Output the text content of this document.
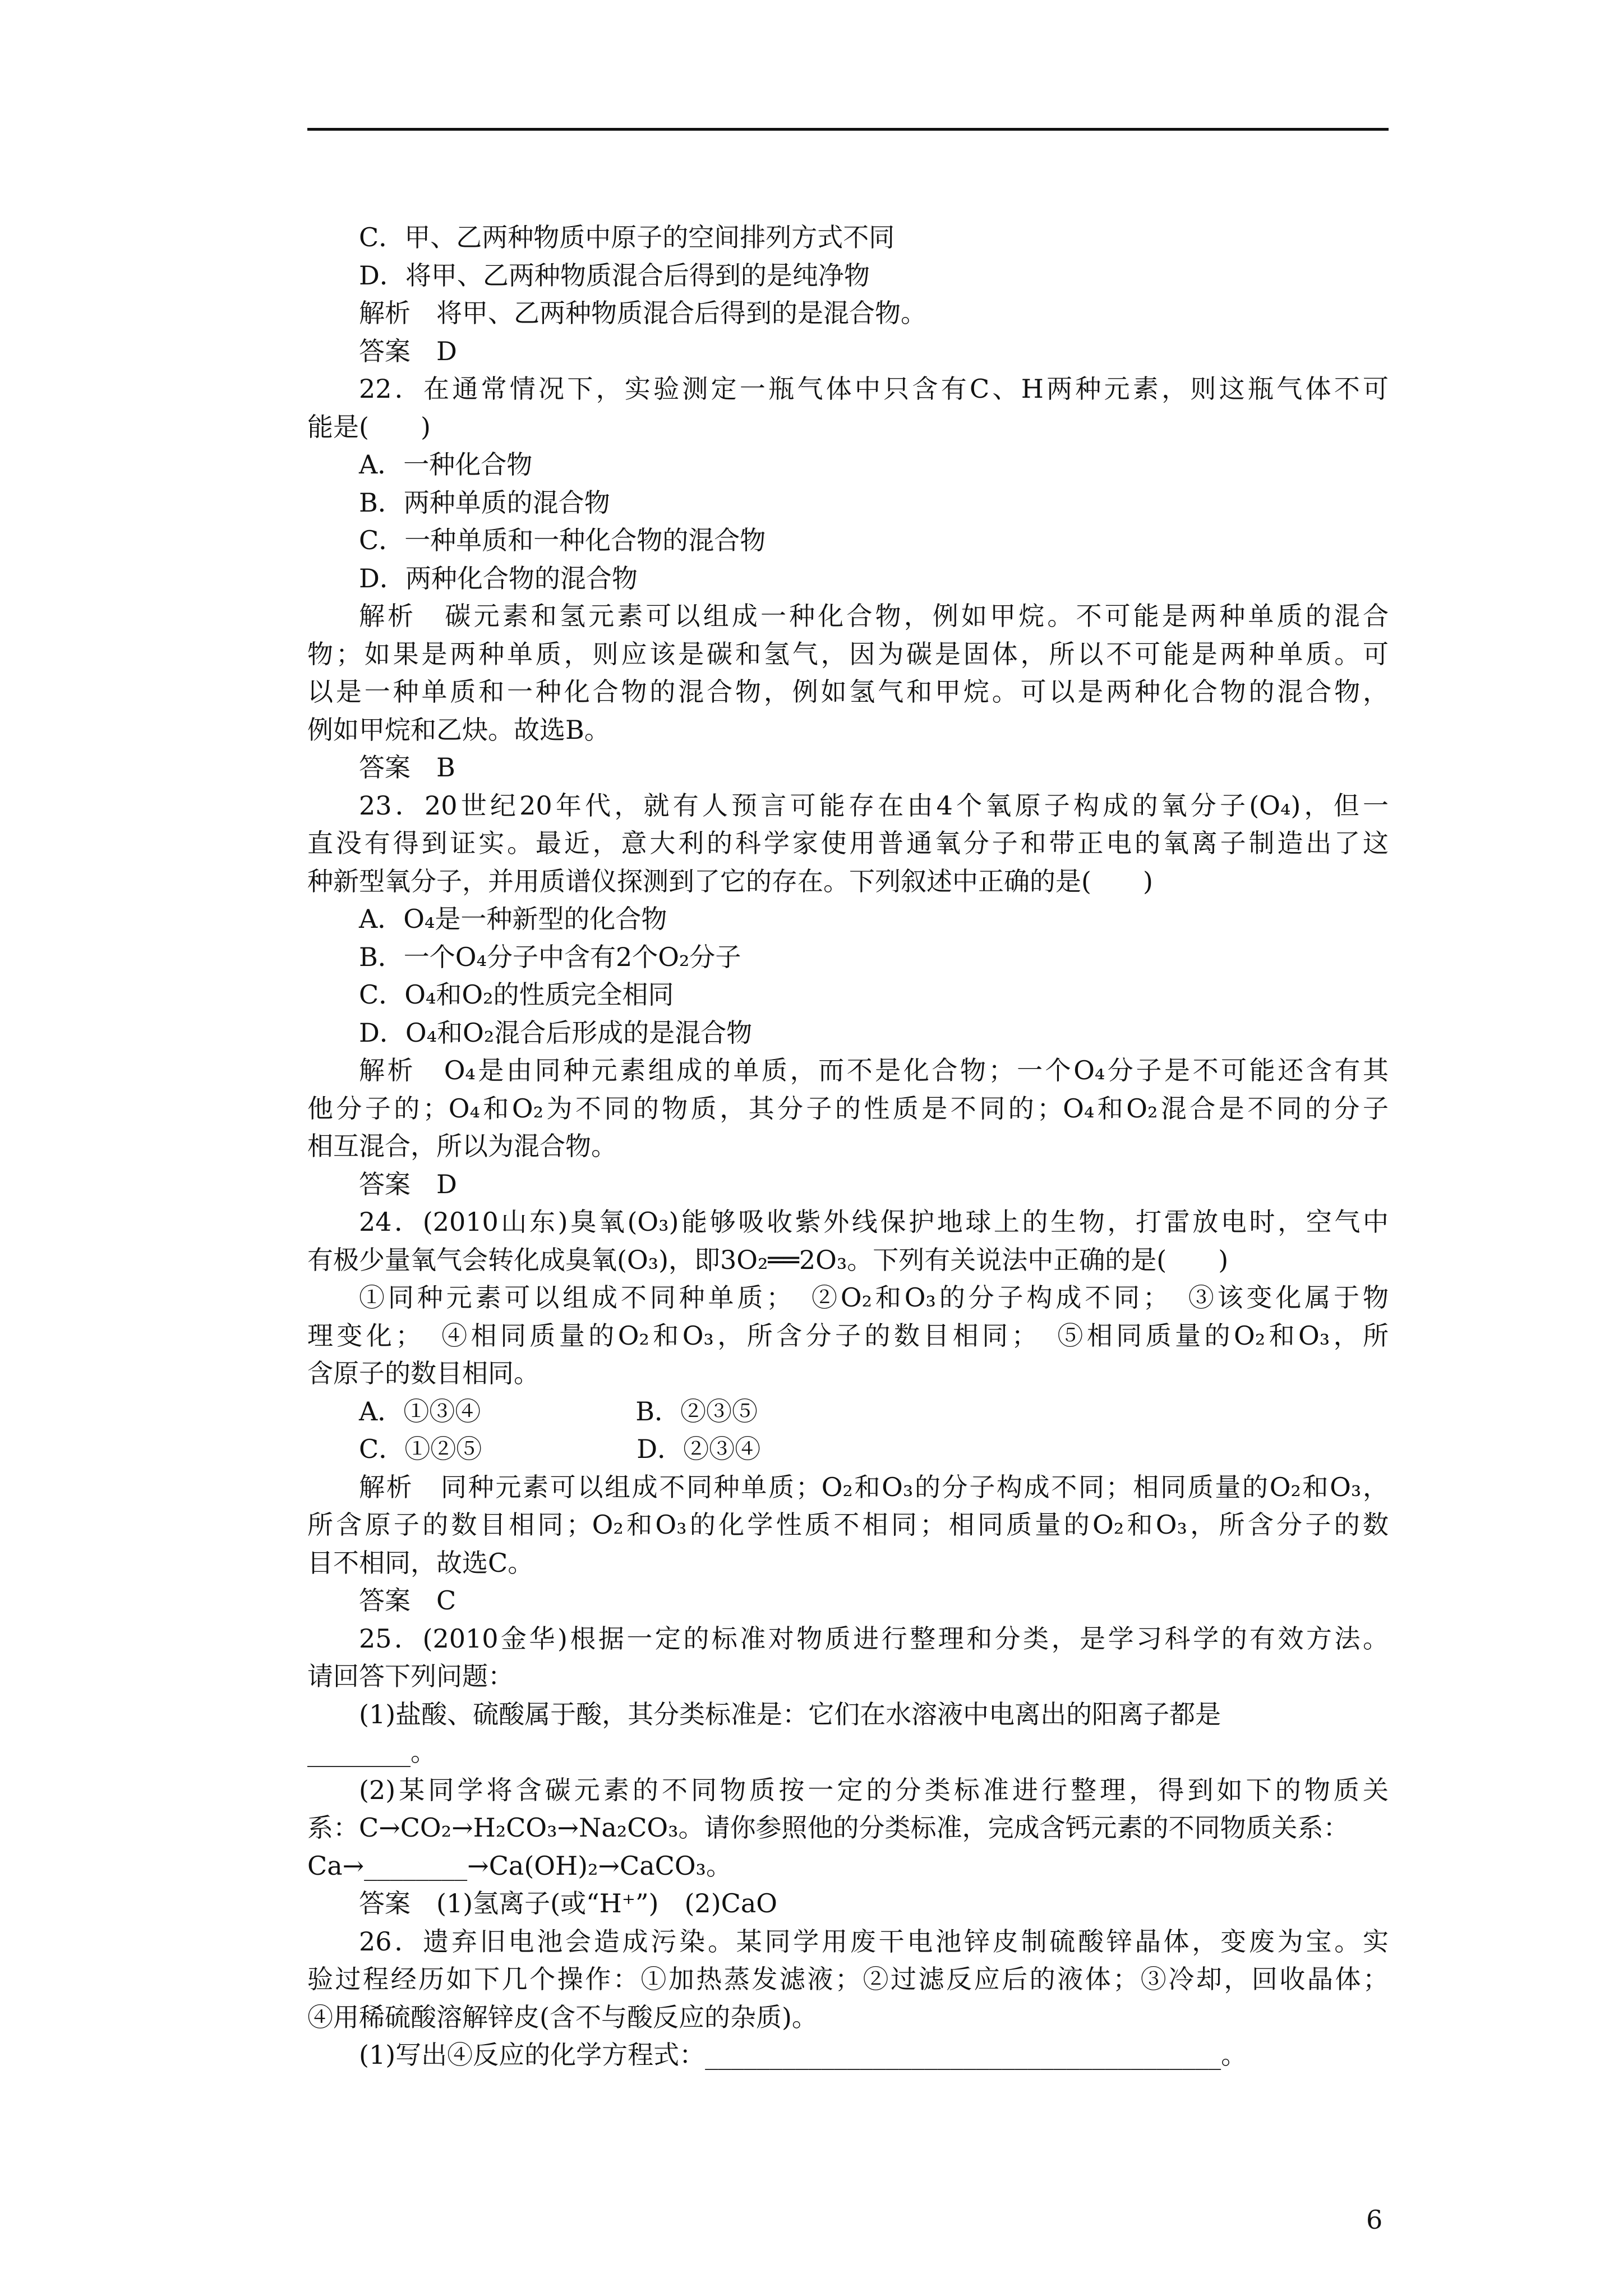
C．甲、乙两种物质中原子的空间排列方式不同
D．将甲、乙两种物质混合后得到的是纯净物
解析　将甲、乙两种物质混合后得到的是混合物。
答案　D
22．在通常情况下，实验测定一瓶气体中只含有C、H两种元素，则这瓶气体不可
能是(　　)
A．一种化合物
B．两种单质的混合物
C．一种单质和一种化合物的混合物
D．两种化合物的混合物
解析　碳元素和氢元素可以组成一种化合物，例如甲烷。不可能是两种单质的混合
物；如果是两种单质，则应该是碳和氢气，因为碳是固体，所以不可能是两种单质。可
以是一种单质和一种化合物的混合物，例如氢气和甲烷。可以是两种化合物的混合物，
例如甲烷和乙炔。故选B。
答案　B
23．20世纪20年代，就有人预言可能存在由4个氧原子构成的氧分子(O₄)，但一
直没有得到证实。最近，意大利的科学家使用普通氧分子和带正电的氧离子制造出了这
种新型氧分子，并用质谱仪探测到了它的存在。下列叙述中正确的是(　　)
A．O₄是一种新型的化合物
B．一个O₄分子中含有2个O₂分子
C．O₄和O₂的性质完全相同
D．O₄和O₂混合后形成的是混合物
解析　O₄是由同种元素组成的单质，而不是化合物；一个O₄分子是不可能还含有其
他分子的；O₄和O₂为不同的物质，其分子的性质是不同的；O₄和O₂混合是不同的分子
相互混合，所以为混合物。
答案　D
24．(2010山东)臭氧(O₃)能够吸收紫外线保护地球上的生物，打雷放电时，空气中
有极少量氧气会转化成臭氧(O₃)，即3O₂══2O₃。下列有关说法中正确的是(　　)
①同种元素可以组成不同种单质；　②O₂和O₃的分子构成不同；　③该变化属于物
理变化；　④相同质量的O₂和O₃，所含分子的数目相同；　⑤相同质量的O₂和O₃，所
含原子的数目相同。
A．①③④　　　　　　B．②③⑤
C．①②⑤　　　　　　D．②③④
解析　同种元素可以组成不同种单质；O₂和O₃的分子构成不同；相同质量的O₂和O₃，
所含原子的数目相同；O₂和O₃的化学性质不相同；相同质量的O₂和O₃，所含分子的数
目不相同，故选C。
答案　C
25．(2010金华)根据一定的标准对物质进行整理和分类，是学习科学的有效方法。
请回答下列问题：
(1)盐酸、硫酸属于酸，其分类标准是：它们在水溶液中电离出的阳离子都是
________。
(2)某同学将含碳元素的不同物质按一定的分类标准进行整理，得到如下的物质关
系：C→CO₂→H₂CO₃→Na₂CO₃。请你参照他的分类标准，完成含钙元素的不同物质关系：
Ca→________→Ca(OH)₂→CaCO₃。
答案　(1)氢离子(或“H⁺”)　(2)CaO
26．遗弃旧电池会造成污染。某同学用废干电池锌皮制硫酸锌晶体，变废为宝。实
验过程经历如下几个操作：①加热蒸发滤液；②过滤反应后的液体；③冷却，回收晶体；
④用稀硫酸溶解锌皮(含不与酸反应的杂质)。
(1)写出④反应的化学方程式：________________________________________。
6
